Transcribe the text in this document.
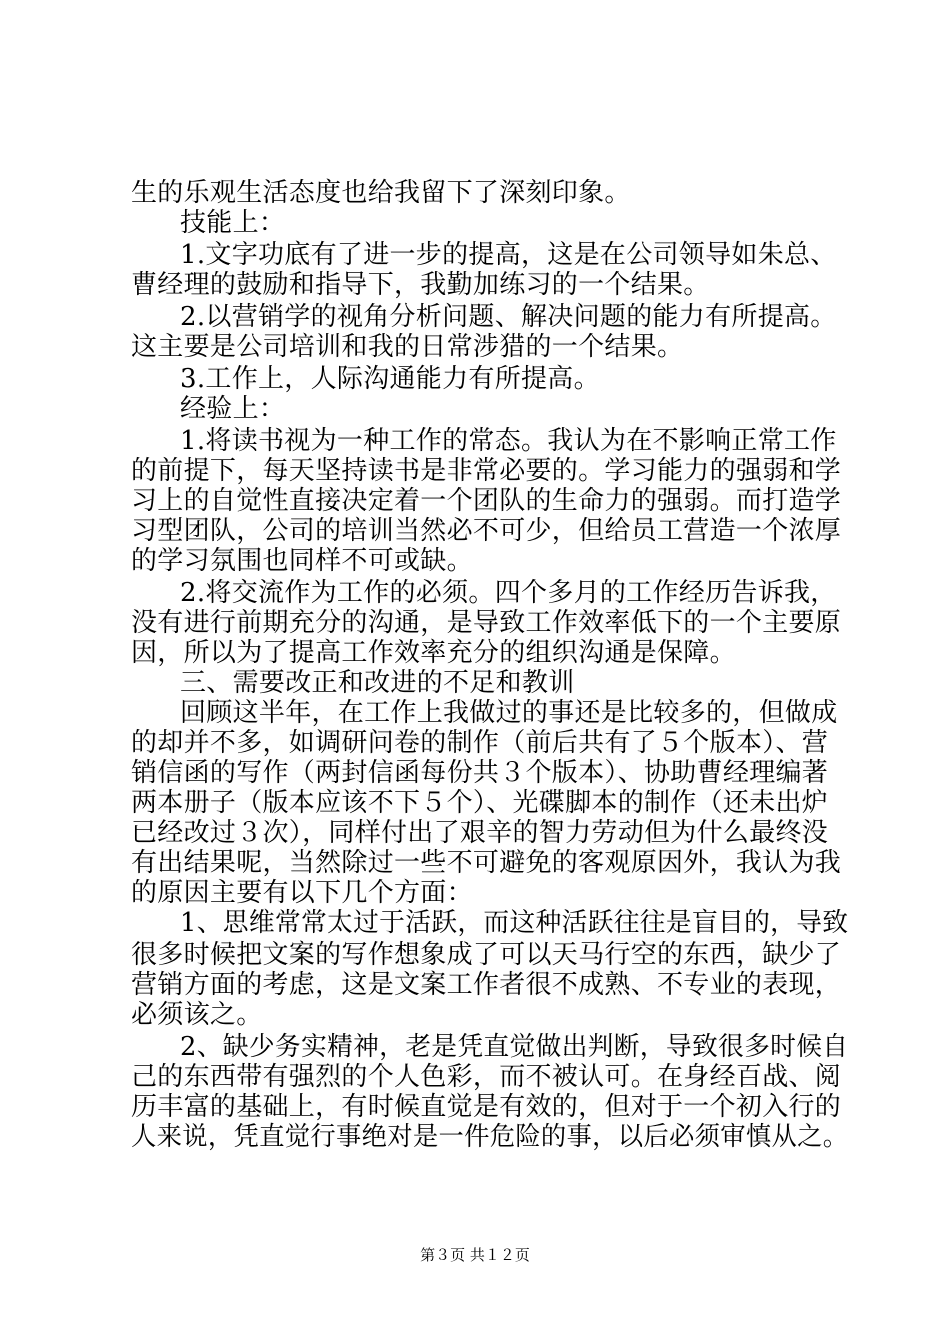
生的乐观生活态度也给我留下了深刻印象。
技能上：
1.文字功底有了进一步的提高，这是在公司领导如朱总、
曹经理的鼓励和指导下，我勤加练习的一个结果。
2.以营销学的视角分析问题、解决问题的能力有所提高。
这主要是公司培训和我的日常涉猎的一个结果。
3.工作上，人际沟通能力有所提高。
经验上：
1.将读书视为一种工作的常态。我认为在不影响正常工作
的前提下，每天坚持读书是非常必要的。学习能力的强弱和学
习上的自觉性直接决定着一个团队的生命力的强弱。而打造学
习型团队，公司的培训当然必不可少，但给员工营造一个浓厚
的学习氛围也同样不可或缺。
2.将交流作为工作的必须。四个多月的工作经历告诉我，
没有进行前期充分的沟通，是导致工作效率低下的一个主要原
因，所以为了提高工作效率充分的组织沟通是保障。
三、需要改正和改进的不足和教训
回顾这半年，在工作上我做过的事还是比较多的，但做成
的却并不多，如调研问卷的制作（前后共有了５个版本）、营
销信函的写作（两封信函每份共３个版本）、协助曹经理编著
两本册子（版本应该不下５个）、光碟脚本的制作（还未出炉
已经改过３次），同样付出了艰辛的智力劳动但为什么最终没
有出结果呢，当然除过一些不可避免的客观原因外，我认为我
的原因主要有以下几个方面：
1、思维常常太过于活跃，而这种活跃往往是盲目的，导致
很多时候把文案的写作想象成了可以天马行空的东西，缺少了
营销方面的考虑，这是文案工作者很不成熟、不专业的表现，
必须该之。
2、缺少务实精神，老是凭直觉做出判断，导致很多时候自
己的东西带有强烈的个人色彩，而不被认可。在身经百战、阅
历丰富的基础上，有时候直觉是有效的，但对于一个初入行的
人来说，凭直觉行事绝对是一件危险的事，以后必须审慎从之。
第３页 共１２页
